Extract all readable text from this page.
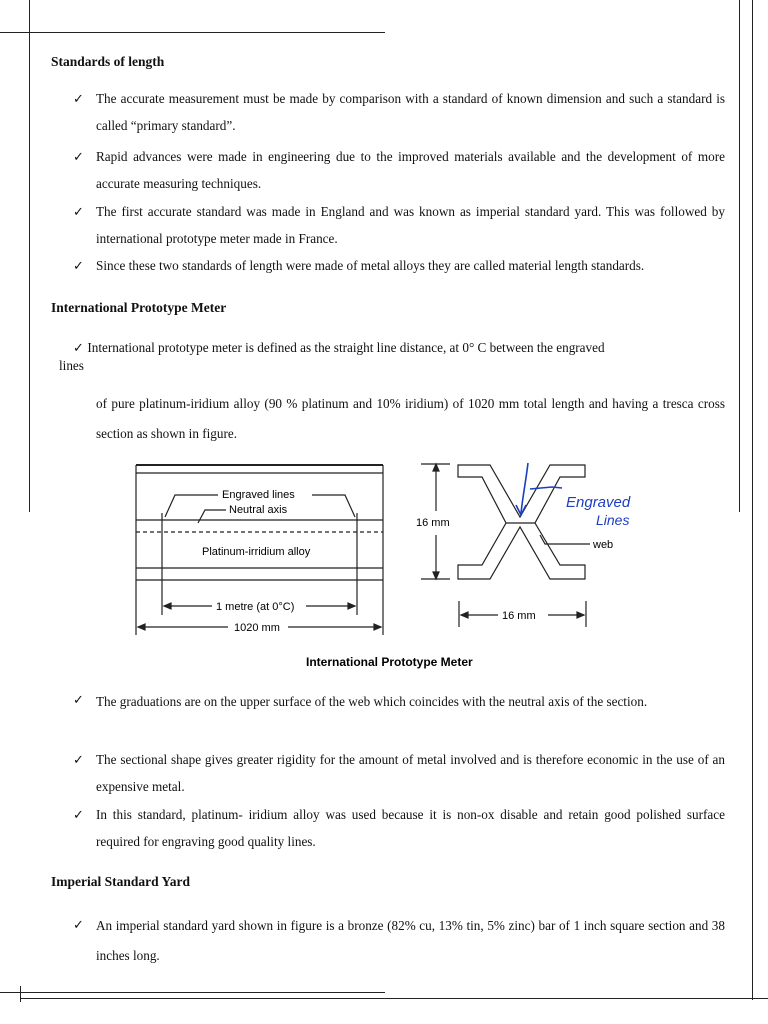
Standards of length
✓ The accurate measurement must be made by comparison with a standard of known dimension and such a standard is called “primary standard”.
✓ Rapid advances were made in engineering due to the improved materials available and the development of more accurate measuring techniques.
✓ The first accurate standard was made in England and was known as imperial standard yard. This was followed by international prototype meter made in France.
✓ Since these two standards of length were made of metal alloys they are called material length standards.
International Prototype Meter
✓ International prototype meter is defined as the straight line distance, at 0° C between the engraved
lines
of pure platinum-iridium alloy (90 % platinum and 10% iridium) of 1020 mm total length and having a tresca cross section as shown in figure.
Engraved lines
Neutral axis
Platinum-irridium alloy
1 metre (at 0°C)
1020 mm
Engraved
Lines
16 mm
web
16 mm
International Prototype Meter
✓ The graduations are on the upper surface of the web which coincides with the neutral axis of the section.
✓ The sectional shape gives greater rigidity for the amount of metal involved and is therefore economic in the use of an expensive metal.
✓ In this standard, platinum- iridium alloy was used because it is non-ox disable and retain good polished surface required for engraving good quality lines.
Imperial Standard Yard
✓ An imperial standard yard shown in figure is a bronze (82% cu, 13% tin, 5% zinc) bar of 1 inch square section and 38 inches long.
